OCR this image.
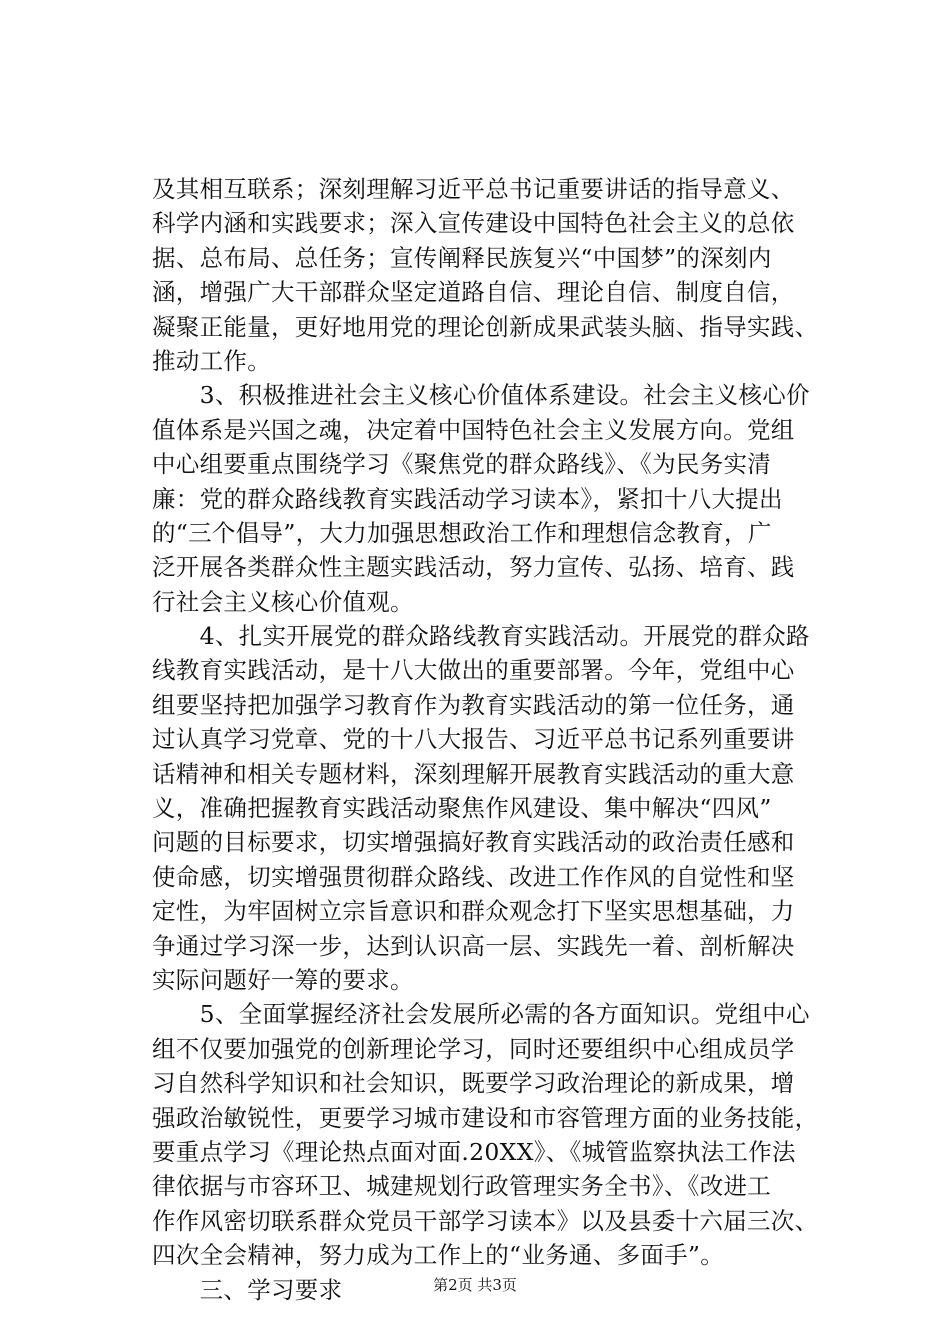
及其相互联系；深刻理解习近平总书记重要讲话的指导意义、
科学内涵和实践要求；深入宣传建设中国特色社会主义的总依
据、总布局、总任务；宣传阐释民族复兴“中国梦”的深刻内
涵，增强广大干部群众坚定道路自信、理论自信、制度自信，
凝聚正能量，更好地用党的理论创新成果武装头脑、指导实践、
推动工作。
　　3、积极推进社会主义核心价值体系建设。社会主义核心价
值体系是兴国之魂，决定着中国特色社会主义发展方向。党组
中心组要重点围绕学习《聚焦党的群众路线》、《为民务实清
廉：党的群众路线教育实践活动学习读本》，紧扣十八大提出
的“三个倡导”，大力加强思想政治工作和理想信念教育，广
泛开展各类群众性主题实践活动，努力宣传、弘扬、培育、践
行社会主义核心价值观。
　　4、扎实开展党的群众路线教育实践活动。开展党的群众路
线教育实践活动，是十八大做出的重要部署。今年，党组中心
组要坚持把加强学习教育作为教育实践活动的第一位任务，通
过认真学习党章、党的十八大报告、习近平总书记系列重要讲
话精神和相关专题材料，深刻理解开展教育实践活动的重大意
义，准确把握教育实践活动聚焦作风建设、集中解决“四风”
问题的目标要求，切实增强搞好教育实践活动的政治责任感和
使命感，切实增强贯彻群众路线、改进工作作风的自觉性和坚
定性，为牢固树立宗旨意识和群众观念打下坚实思想基础，力
争通过学习深一步，达到认识高一层、实践先一着、剖析解决
实际问题好一筹的要求。
　　5、全面掌握经济社会发展所必需的各方面知识。党组中心
组不仅要加强党的创新理论学习，同时还要组织中心组成员学
习自然科学知识和社会知识，既要学习政治理论的新成果，增
强政治敏锐性，更要学习城市建设和市容管理方面的业务技能，
要重点学习《理论热点面对面.20XX》、《城管监察执法工作法
律依据与市容环卫、城建规划行政管理实务全书》、《改进工
作作风密切联系群众党员干部学习读本》以及县委十六届三次、
四次全会精神，努力成为工作上的“业务通、多面手”。
　　三、学习要求	第2页 共3页
